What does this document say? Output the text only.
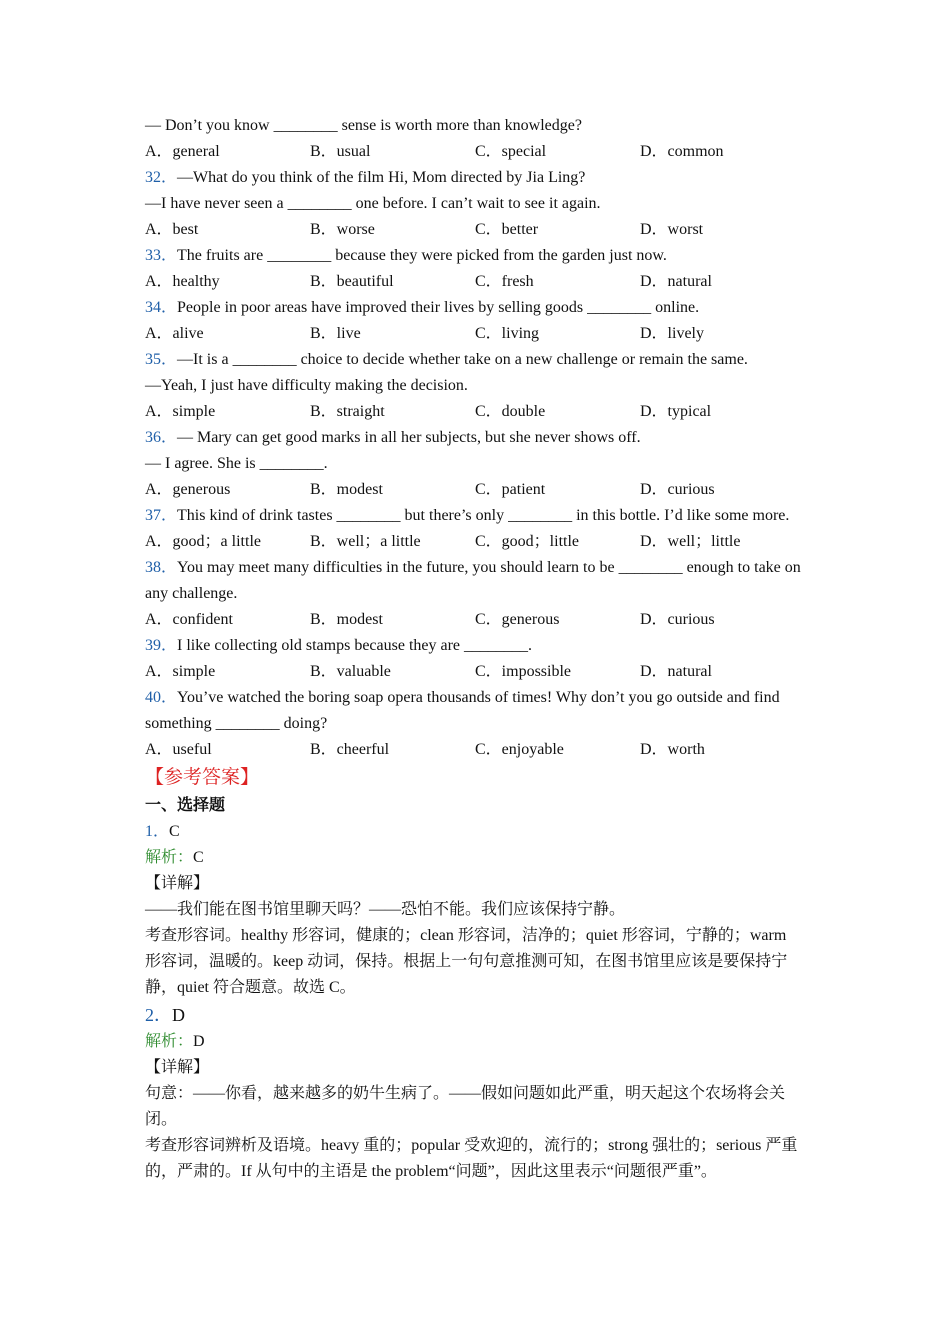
— Don’t you know ________ sense is worth more than knowledge?
A．general	B．usual	C．special	D．common
32．—What do you think of the film Hi, Mom directed by Jia Ling?
—I have never seen a ________ one before. I can’t wait to see it again.
A．best	B．worse	C．better	D．worst
33．The fruits are ________ because they were picked from the garden just now.
A．healthy	B．beautiful	C．fresh	D．natural
34．People in poor areas have improved their lives by selling goods ________ online.
A．alive	B．live	C．living	D．lively
35．—It is a ________ choice to decide whether take on a new challenge or remain the same.
—Yeah, I just have difficulty making the decision.
A．simple	B．straight	C．double	D．typical
36．— Mary can get good marks in all her subjects, but she never shows off.
— I agree. She is ________.
A．generous	B．modest	C．patient	D．curious
37．This kind of drink tastes ________ but there’s only ________ in this bottle. I’d like some more.
A．good；a little	B．well；a little	C．good；little	D．well；little
38．You may meet many difficulties in the future, you should learn to be ________ enough to take on any challenge.
A．confident	B．modest	C．generous	D．curious
39．I like collecting old stamps because they are ________.
A．simple	B．valuable	C．impossible	D．natural
40．You’ve watched the boring soap opera thousands of times! Why don’t you go outside and find something ________ doing?
A．useful	B．cheerful	C．enjoyable	D．worth
【参考答案】
一、选择题
1．C
解析：C
【详解】
——我们能在图书馆里聊天吗？——恐怕不能。我们应该保持宁静。
考查形容词。healthy 形容词，健康的；clean 形容词，洁净的；quiet 形容词，宁静的；warm 形容词，温暖的。keep 动词，保持。根据上一句句意推测可知，在图书馆里应该是要保持宁静，quiet 符合题意。故选 C。
2．D
解析：D
【详解】
句意：——你看，越来越多的奶牛生病了。——假如问题如此严重，明天起这个农场将会关闭。
考查形容词辨析及语境。heavy 重的；popular 受欢迎的，流行的；strong 强壮的；serious 严重的，严肃的。If 从句中的主语是 the problem“问题”，因此这里表示“问题很严重”。
